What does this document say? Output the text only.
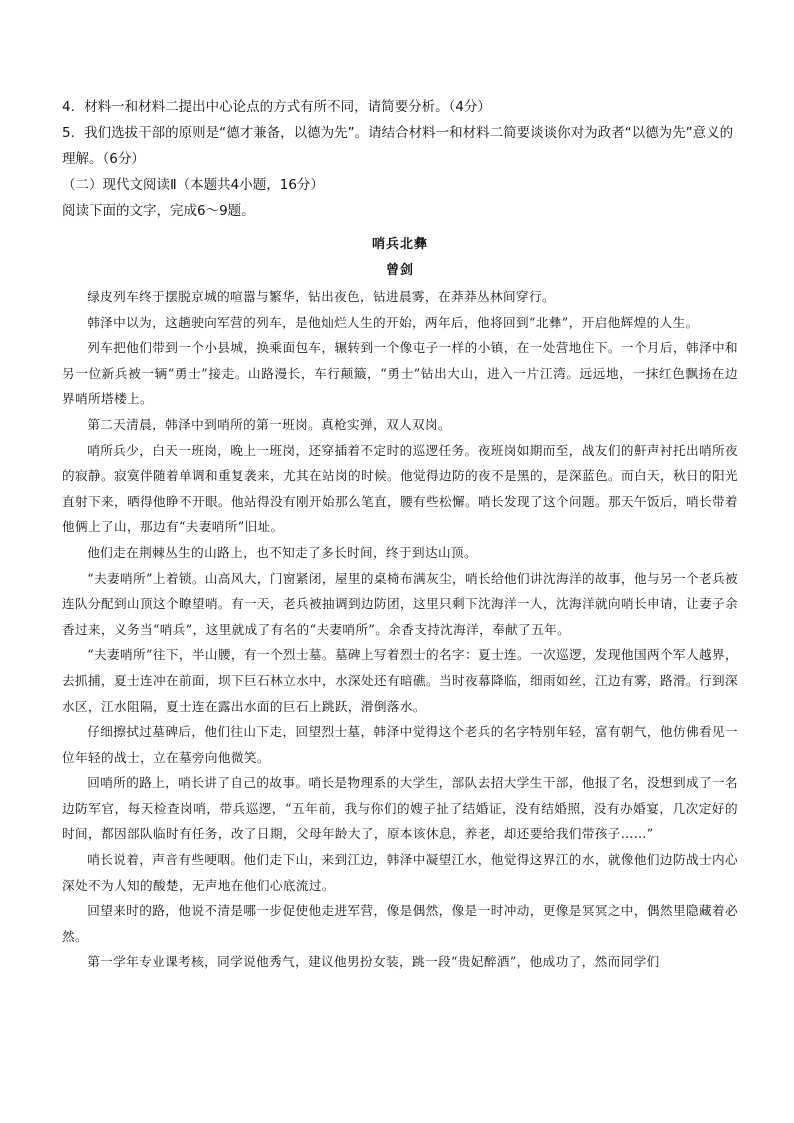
4．材料一和材料二提出中心论点的方式有所不同，请简要分析。（4分）

5．我们选拔干部的原则是“德才兼备，以德为先”。请结合材料一和材料二简要谈谈你对为政者“以德为先”意义的理解。（6分）

（二）现代文阅读Ⅱ（本题共4小题，16分）

阅读下面的文字，完成6～9题。

哨兵北彝

曾剑

绿皮列车终于摆脱京城的喧嚣与繁华，钻出夜色，钻进晨雾，在莽莽丛林间穿行。

韩泽中以为，这趟驶向军营的列车，是他灿烂人生的开始，两年后，他将回到“北彝”，开启他辉煌的人生。

列车把他们带到一个小县城，换乘面包车，辗转到一个像屯子一样的小镇，在一处营地住下。一个月后，韩泽中和另一位新兵被一辆“勇士”接走。山路漫长，车行颠簸，“勇士”钻出大山，进入一片江湾。远远地，一抹红色飘扬在边界哨所塔楼上。

第二天清晨，韩泽中到哨所的第一班岗。真枪实弹，双人双岗。

哨所兵少，白天一班岗，晚上一班岗，还穿插着不定时的巡逻任务。夜班岗如期而至，战友们的鼾声衬托出哨所夜的寂静。寂寞伴随着单调和重复袭来，尤其在站岗的时候。他觉得边防的夜不是黑的，是深蓝色。而白天，秋日的阳光直射下来，晒得他睁不开眼。他站得没有刚开始那么笔直，腰有些松懈。哨长发现了这个问题。那天午饭后，哨长带着他俩上了山，那边有“夫妻哨所”旧址。

他们走在荆棘丛生的山路上，也不知走了多长时间，终于到达山顶。

“夫妻哨所”上着锁。山高风大，门窗紧闭，屋里的桌椅布满灰尘，哨长给他们讲沈海洋的故事，他与另一个老兵被连队分配到山顶这个瞭望哨。有一天，老兵被抽调到边防团，这里只剩下沈海洋一人，沈海洋就向哨长申请，让妻子余香过来，义务当“哨兵”，这里就成了有名的“夫妻哨所”。余香支持沈海洋，奉献了五年。

“夫妻哨所”往下，半山腰，有一个烈士墓。墓碑上写着烈士的名字：夏士连。一次巡逻，发现他国两个军人越界，去抓捕，夏士连冲在前面，坝下巨石林立水中，水深处还有暗礁。当时夜幕降临，细雨如丝，江边有雾，路滑。行到深水区，江水阻隔，夏士连在露出水面的巨石上跳跃，滑倒落水。

仔细擦拭过墓碑后，他们往山下走，回望烈士墓，韩泽中觉得这个老兵的名字特别年轻，富有朝气，他仿佛看见一位年轻的战士，立在墓旁向他微笑。

回哨所的路上，哨长讲了自己的故事。哨长是物理系的大学生，部队去招大学生干部，他报了名，没想到成了一名边防军官，每天检查岗哨，带兵巡逻，“五年前，我与你们的嫂子扯了结婚证，没有结婚照，没有办婚宴，几次定好的时间，都因部队临时有任务，改了日期，父母年龄大了，原本该休息，养老，却还要给我们带孩子……”

哨长说着，声音有些哽咽。他们走下山，来到江边，韩泽中凝望江水，他觉得这界江的水，就像他们边防战士内心深处不为人知的酸楚，无声地在他们心底流过。

回望来时的路，他说不清是哪一步促使他走进军营，像是偶然，像是一时冲动，更像是冥冥之中，偶然里隐藏着必然。

第一学年专业课考核，同学说他秀气，建议他男扮女装，跳一段“贵妃醉酒”，他成功了，然而同学们
